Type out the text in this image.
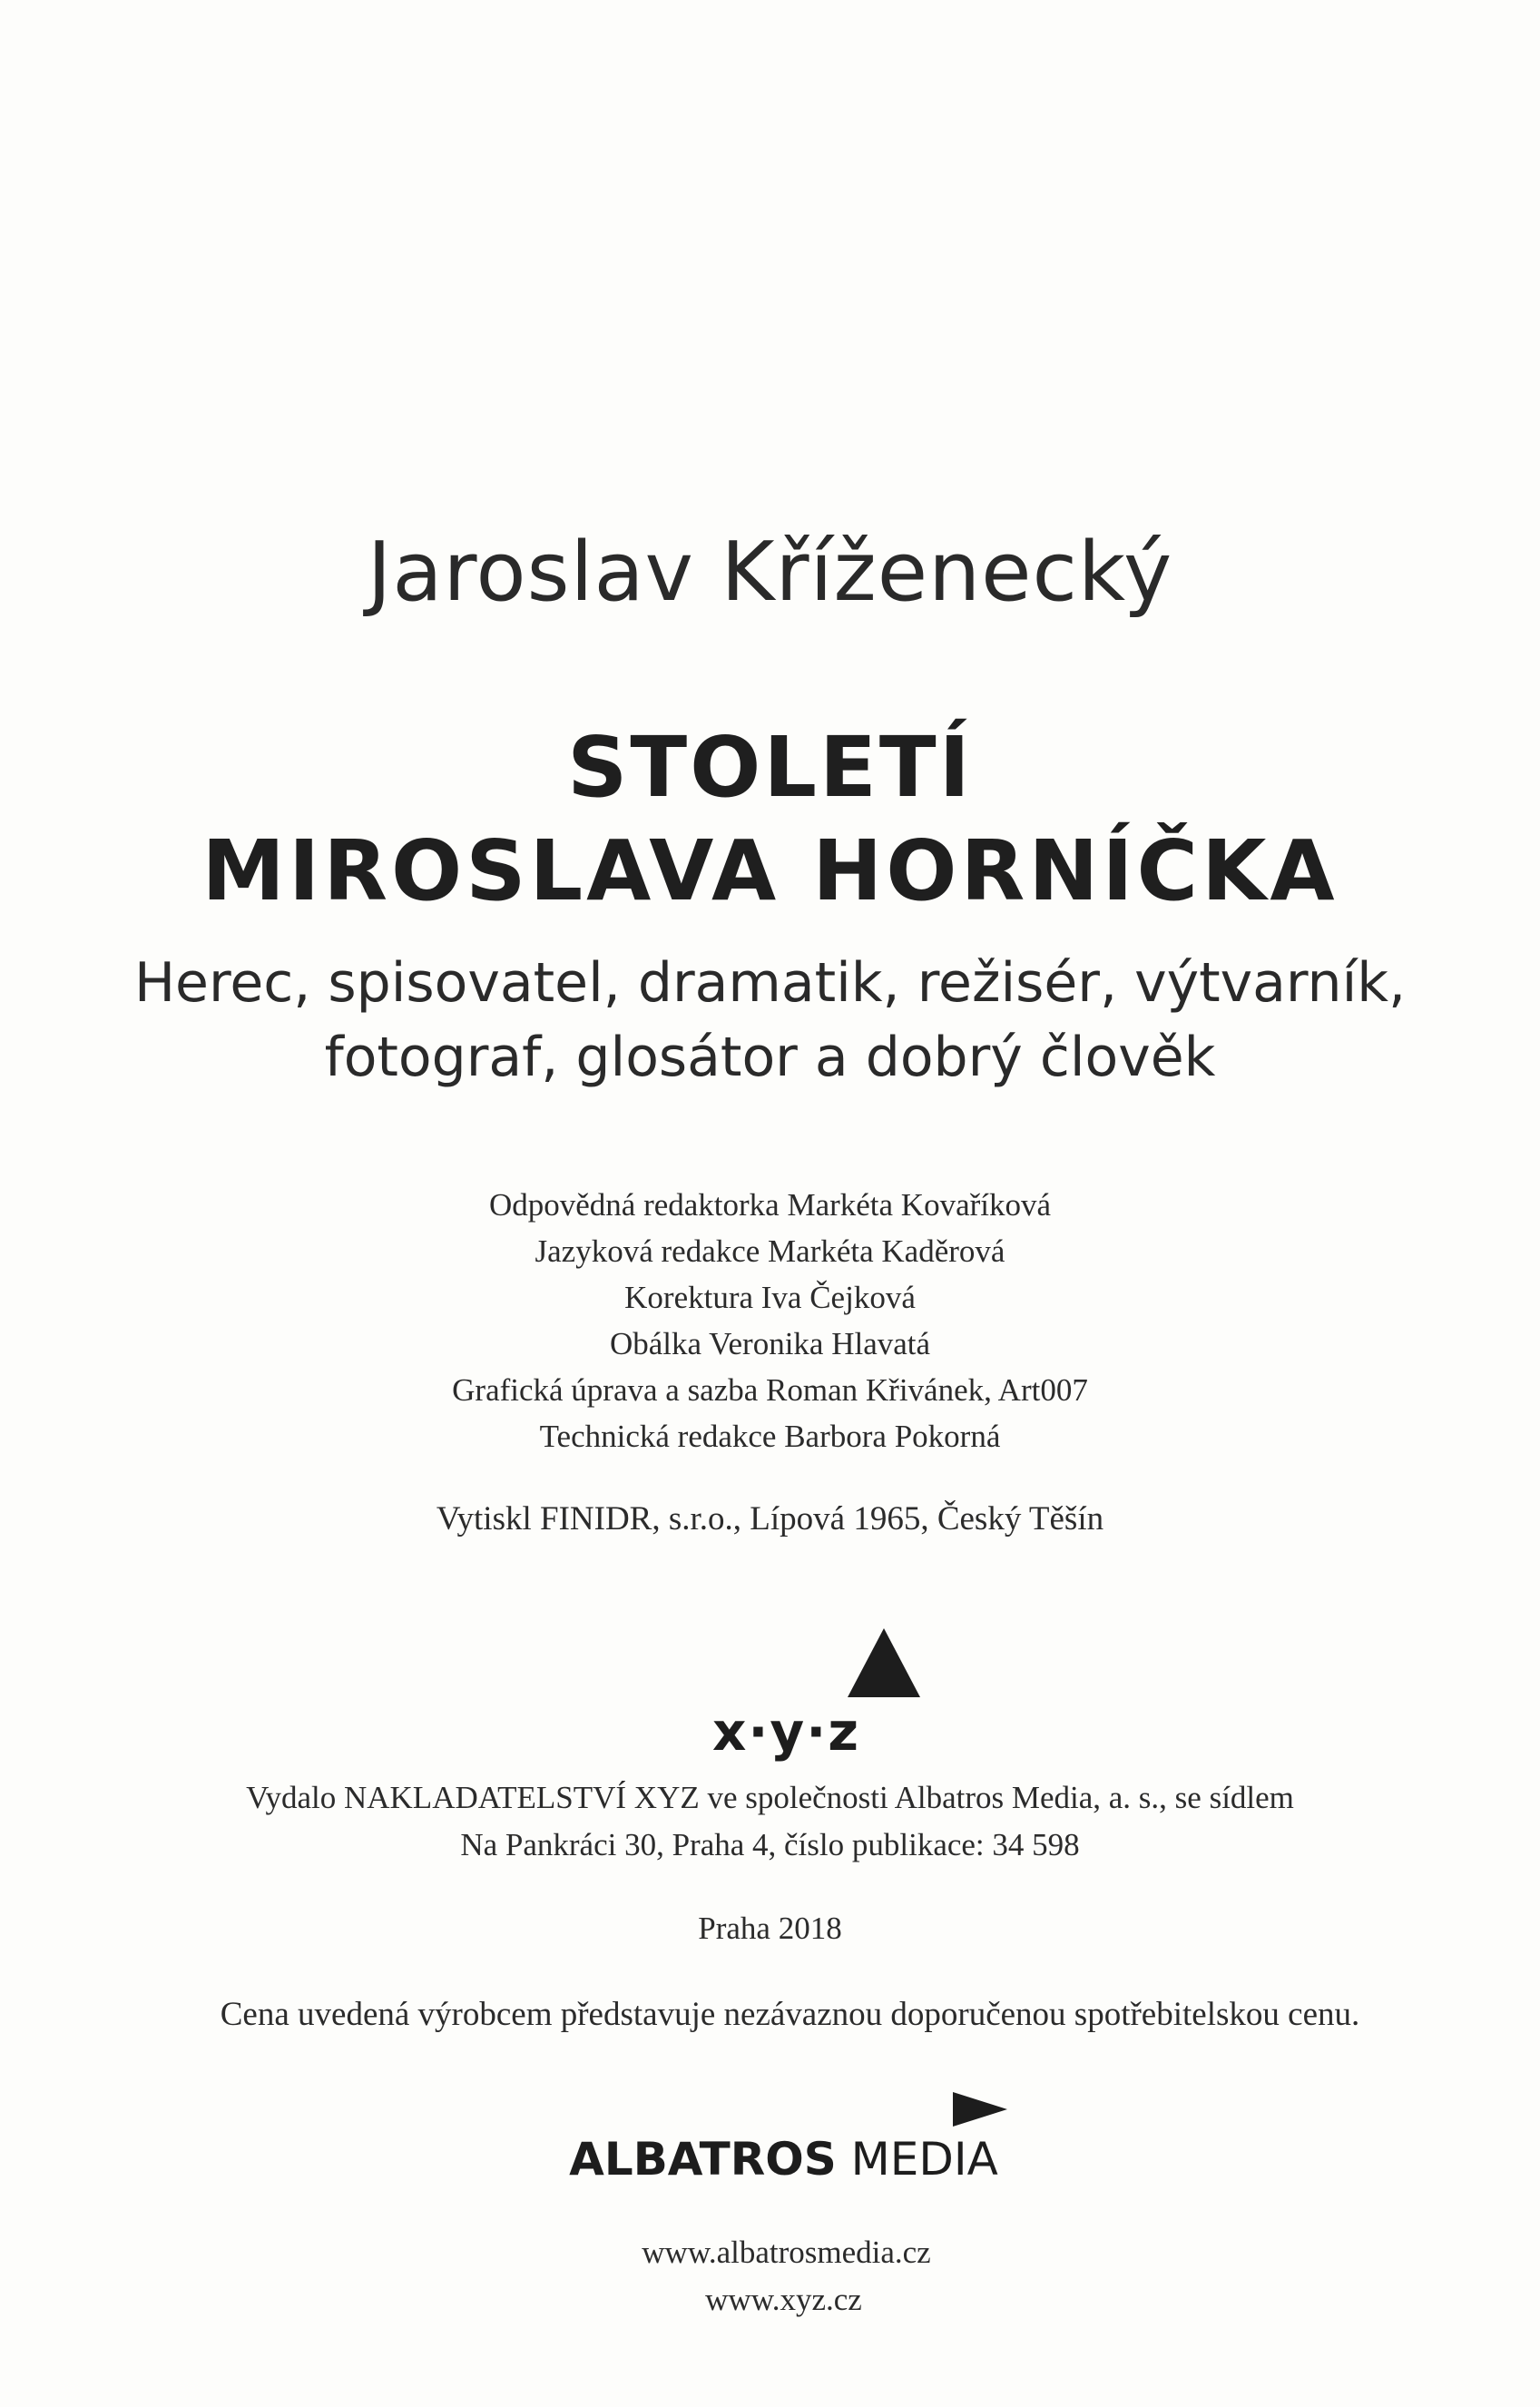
Jaroslav Kříženecký
STOLETÍ
MIROSLAVA HORNÍČKA
Herec, spisovatel, dramatik, režisér, výtvarník,
fotograf, glosátor a dobrý člověk
Odpovědná redaktorka Markéta Kovaříková
Jazyková redakce Markéta Kaděrová
Korektura Iva Čejková
Obálka Veronika Hlavatá
Grafická úprava a sazba Roman Křivánek, Art007
Technická redakce Barbora Pokorná
Vytiskl FINIDR, s.r.o., Lípová 1965, Český Těšín
x·y·z
Vydalo NAKLADATELSTVÍ XYZ ve společnosti Albatros Media, a. s., se sídlem
Na Pankráci 30, Praha 4, číslo publikace: 34 598
Praha 2018
Cena uvedená výrobcem představuje nezávaznou doporučenou spotřebitelskou cenu.
ALBATROS MEDIA
www.albatrosmedia.cz
www.xyz.cz
